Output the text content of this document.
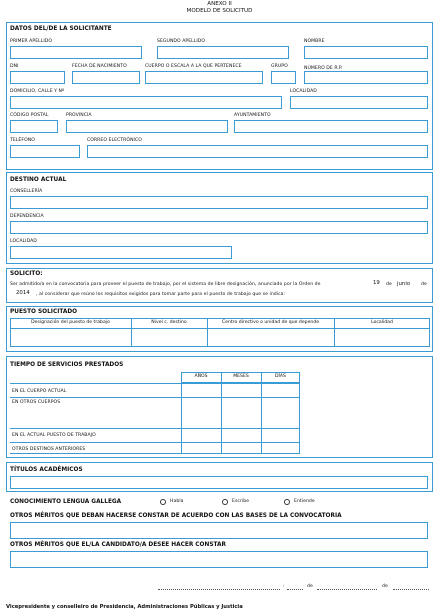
ANEXO II
MODELO DE SOLICITUD
DATOS DEL/DE LA SOLICITANTE
PRIMER APELLIDO	SEGUNDO APELLIDO	NOMBRE
DNI	FECHA DE NACIMIENTO	CUERPO O ESCALA A LA QUE PERTENECE	GRUPO	NÚMERO DE R.P.
DOMICILIO, CALLE Y Nº	LOCALIDAD
CÓDIGO POSTAL	PROVINCIA	AYUNTAMIENTO
TELÉFONO	CORREO ELECTRÓNICO
DESTINO ACTUAL
CONSELLERÍA
DEPENDENCIA
LOCALIDAD
SOLICITO:
Ser admitido/a en la convocatoria para proveer el puesto de trabajo, por el sistema de libre designación, anunciado por la Orden de	19 de junio de
2014 , al considerar que reúno los requisitos exigidos para tomar parte para el puesto de trabajo que se indica:
PUESTO SOLICITADO
Designación del puesto de trabajo	Nivel c. destino	Centro directivo o unidad de que depende	Localidad
TIEMPO DE SERVICIOS PRESTADOS
AÑOS	MESES	DÍAS
EN EL CUERPO ACTUAL
EN OTROS CUERPOS
EN EL ACTUAL PUESTO DE TRABAJO
OTROS DESTINOS ANTERIORES
TÍTULOS ACADÉMICOS
CONOCIMIENTO LENGUA GALLEGA	Habla	Escribe	Entiende
OTROS MÉRITOS QUE DEBAN HACERSE CONSTAR DE ACUERDO CON LAS BASES DE LA CONVOCATORIA
OTROS MÉRITOS QUE EL/LA CANDIDATO/A DESEE HACER CONSTAR
,	de	de
Vicepresidente y conselleiro de Presidencia, Administraciones Públicas y Justicia
